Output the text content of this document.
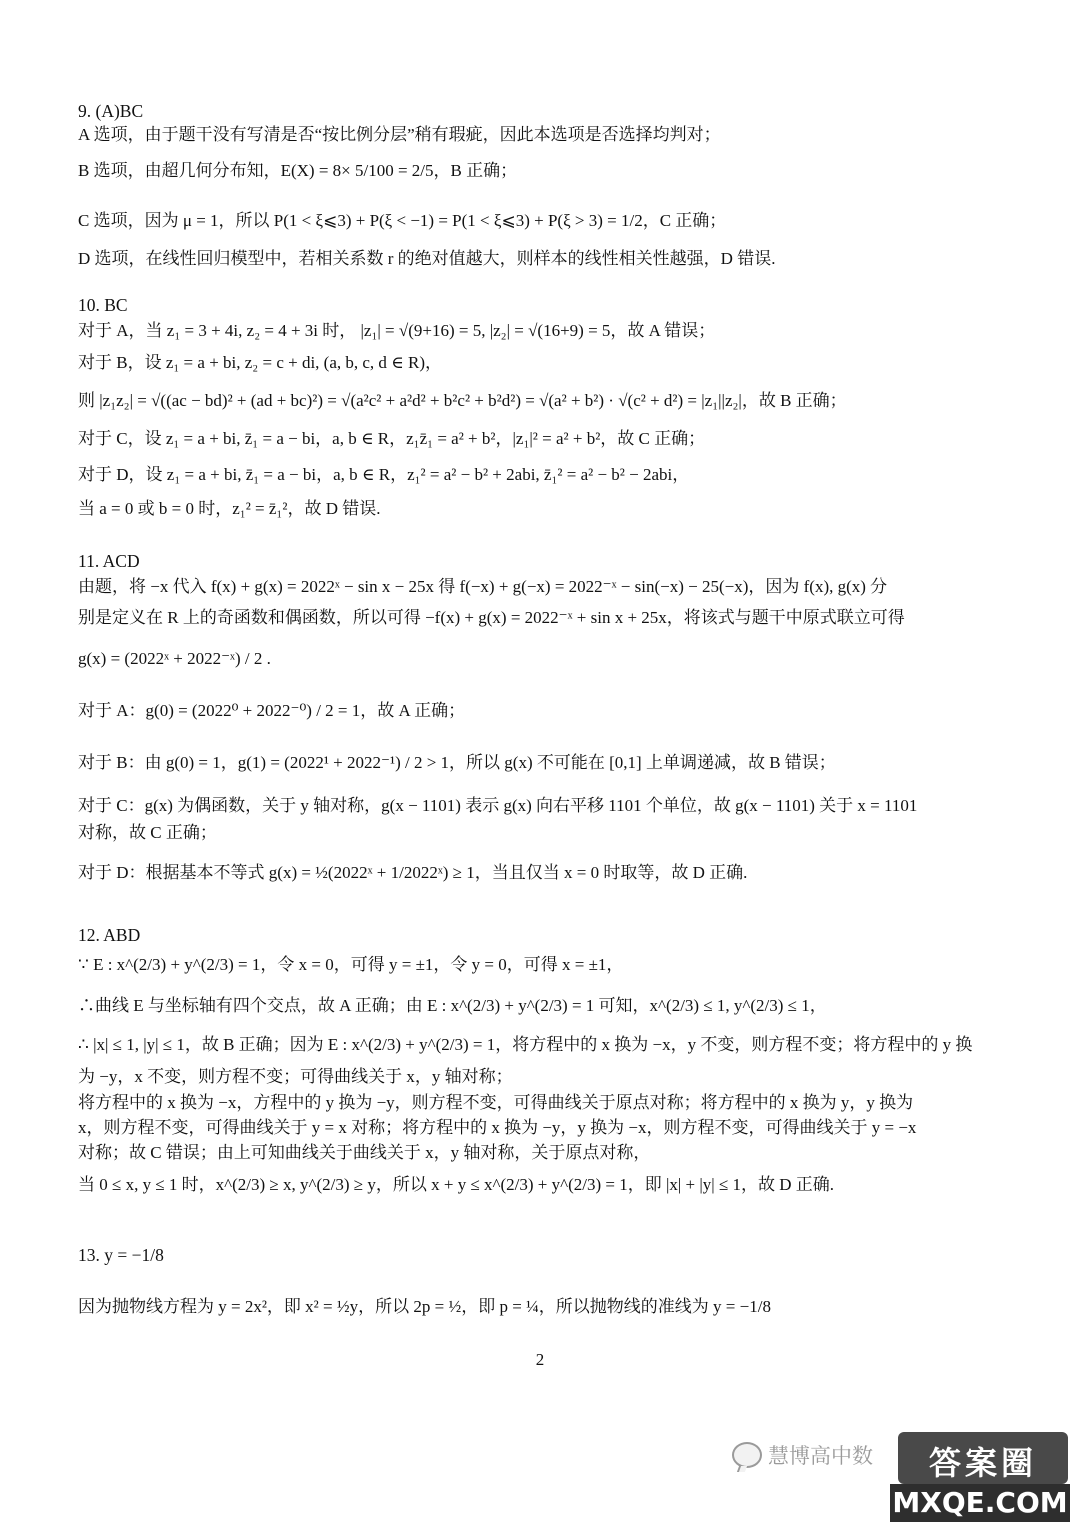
9. (A)BC
A 选项，由于题干没有写清是否“按比例分层”稍有瑕疵，因此本选项是否选择均判对；
B 选项，由超几何分布知，E(X) = 8× 5/100 = 2/5，B 正确；
C 选项，因为 μ = 1，所以 P(1 < ξ⩽3) + P(ξ < −1) = P(1 < ξ⩽3) + P(ξ > 3) = 1/2，C 正确；
D 选项，在线性回归模型中，若相关系数 r 的绝对值越大，则样本的线性相关性越强，D 错误.
10. BC
对于 A，当 z₁ = 3 + 4i, z₂ = 4 + 3i 时， |z₁| = √(9+16) = 5, |z₂| = √(16+9) = 5，故 A 错误；
对于 B，设 z₁ = a + bi, z₂ = c + di, (a, b, c, d ∈ R)，
则 |z₁z₂| = √((ac − bd)² + (ad + bc)²) = √(a²c² + a²d² + b²c² + b²d²) = √(a² + b²) · √(c² + d²) = |z₁||z₂|，故 B 正确；
对于 C，设 z₁ = a + bi, z̄₁ = a − bi，a, b ∈ R，z₁z̄₁ = a² + b²，|z₁|² = a² + b²，故 C 正确；
对于 D，设 z₁ = a + bi, z̄₁ = a − bi，a, b ∈ R，z₁² = a² − b² + 2abi, z̄₁² = a² − b² − 2abi，
当 a = 0 或 b = 0 时，z₁² = z̄₁²，故 D 错误.
11. ACD
由题，将 −x 代入 f(x) + g(x) = 2022ˣ − sin x − 25x 得 f(−x) + g(−x) = 2022⁻ˣ − sin(−x) − 25(−x)，因为 f(x), g(x) 分
别是定义在 R 上的奇函数和偶函数，所以可得 −f(x) + g(x) = 2022⁻ˣ + sin x + 25x，将该式与题干中原式联立可得
g(x) = (2022ˣ + 2022⁻ˣ) / 2 .
对于 A：g(0) = (2022⁰ + 2022⁻⁰) / 2 = 1，故 A 正确；
对于 B：由 g(0) = 1，g(1) = (2022¹ + 2022⁻¹) / 2 > 1，所以 g(x) 不可能在 [0,1] 上单调递减，故 B 错误；
对于 C：g(x) 为偶函数，关于 y 轴对称，g(x − 1101) 表示 g(x) 向右平移 1101 个单位，故 g(x − 1101) 关于 x = 1101
对称，故 C 正确；
对于 D：根据基本不等式 g(x) = ½(2022ˣ + 1/2022ˣ) ≥ 1，当且仅当 x = 0 时取等，故 D 正确.
12. ABD
∵ E : x^(2/3) + y^(2/3) = 1，令 x = 0，可得 y = ±1，令 y = 0，可得 x = ±1，
∴曲线 E 与坐标轴有四个交点，故 A 正确；由 E : x^(2/3) + y^(2/3) = 1 可知，x^(2/3) ≤ 1, y^(2/3) ≤ 1，
∴ |x| ≤ 1, |y| ≤ 1，故 B 正确；因为 E : x^(2/3) + y^(2/3) = 1，将方程中的 x 换为 −x，y 不变，则方程不变；将方程中的 y 换
为 −y，x 不变，则方程不变；可得曲线关于 x，y 轴对称；
将方程中的 x 换为 −x，方程中的 y 换为 −y，则方程不变，可得曲线关于原点对称；将方程中的 x 换为 y，y 换为
x，则方程不变，可得曲线关于 y = x 对称；将方程中的 x 换为 −y，y 换为 −x，则方程不变，可得曲线关于 y = −x
对称；故 C 错误；由上可知曲线关于曲线关于 x，y 轴对称，关于原点对称，
当 0 ≤ x, y ≤ 1 时，x^(2/3) ≥ x, y^(2/3) ≥ y，所以 x + y ≤ x^(2/3) + y^(2/3) = 1，即 |x| + |y| ≤ 1，故 D 正确.
13. y = −1/8
因为抛物线方程为 y = 2x²，即 x² = ½y，所以 2p = ½，即 p = ¼，所以抛物线的准线为 y = −1/8
2
慧博高中数	答案圈
MXQE.COM
